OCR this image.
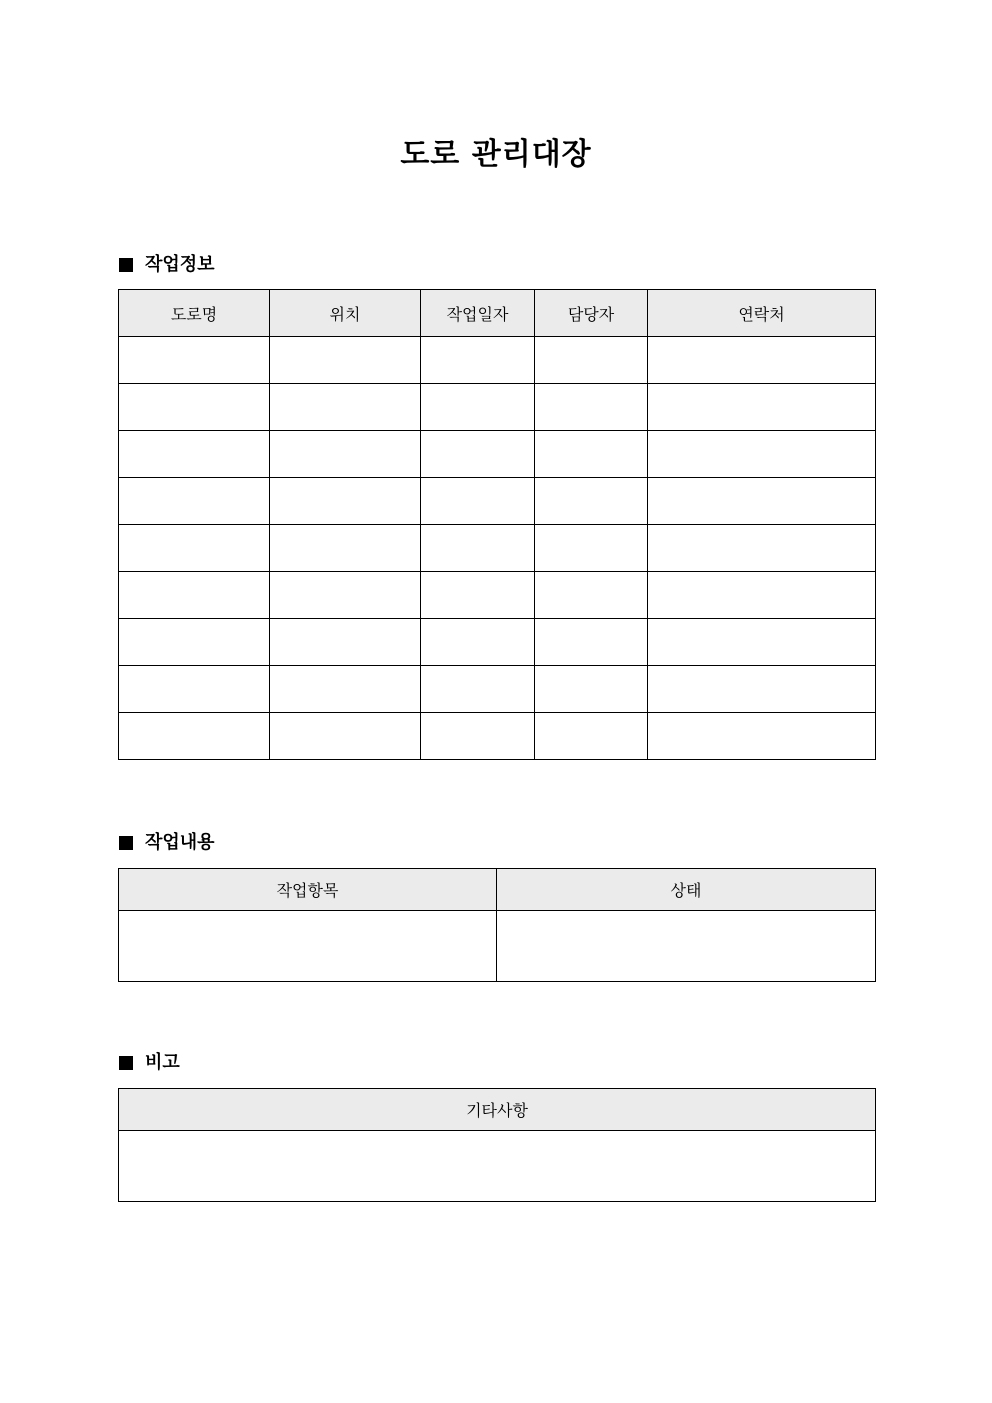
도로 관리대장
작업정보
도로명	위치	작업일자	담당자	연락처

작업내용
작업항목	상태

비고
기타사항
